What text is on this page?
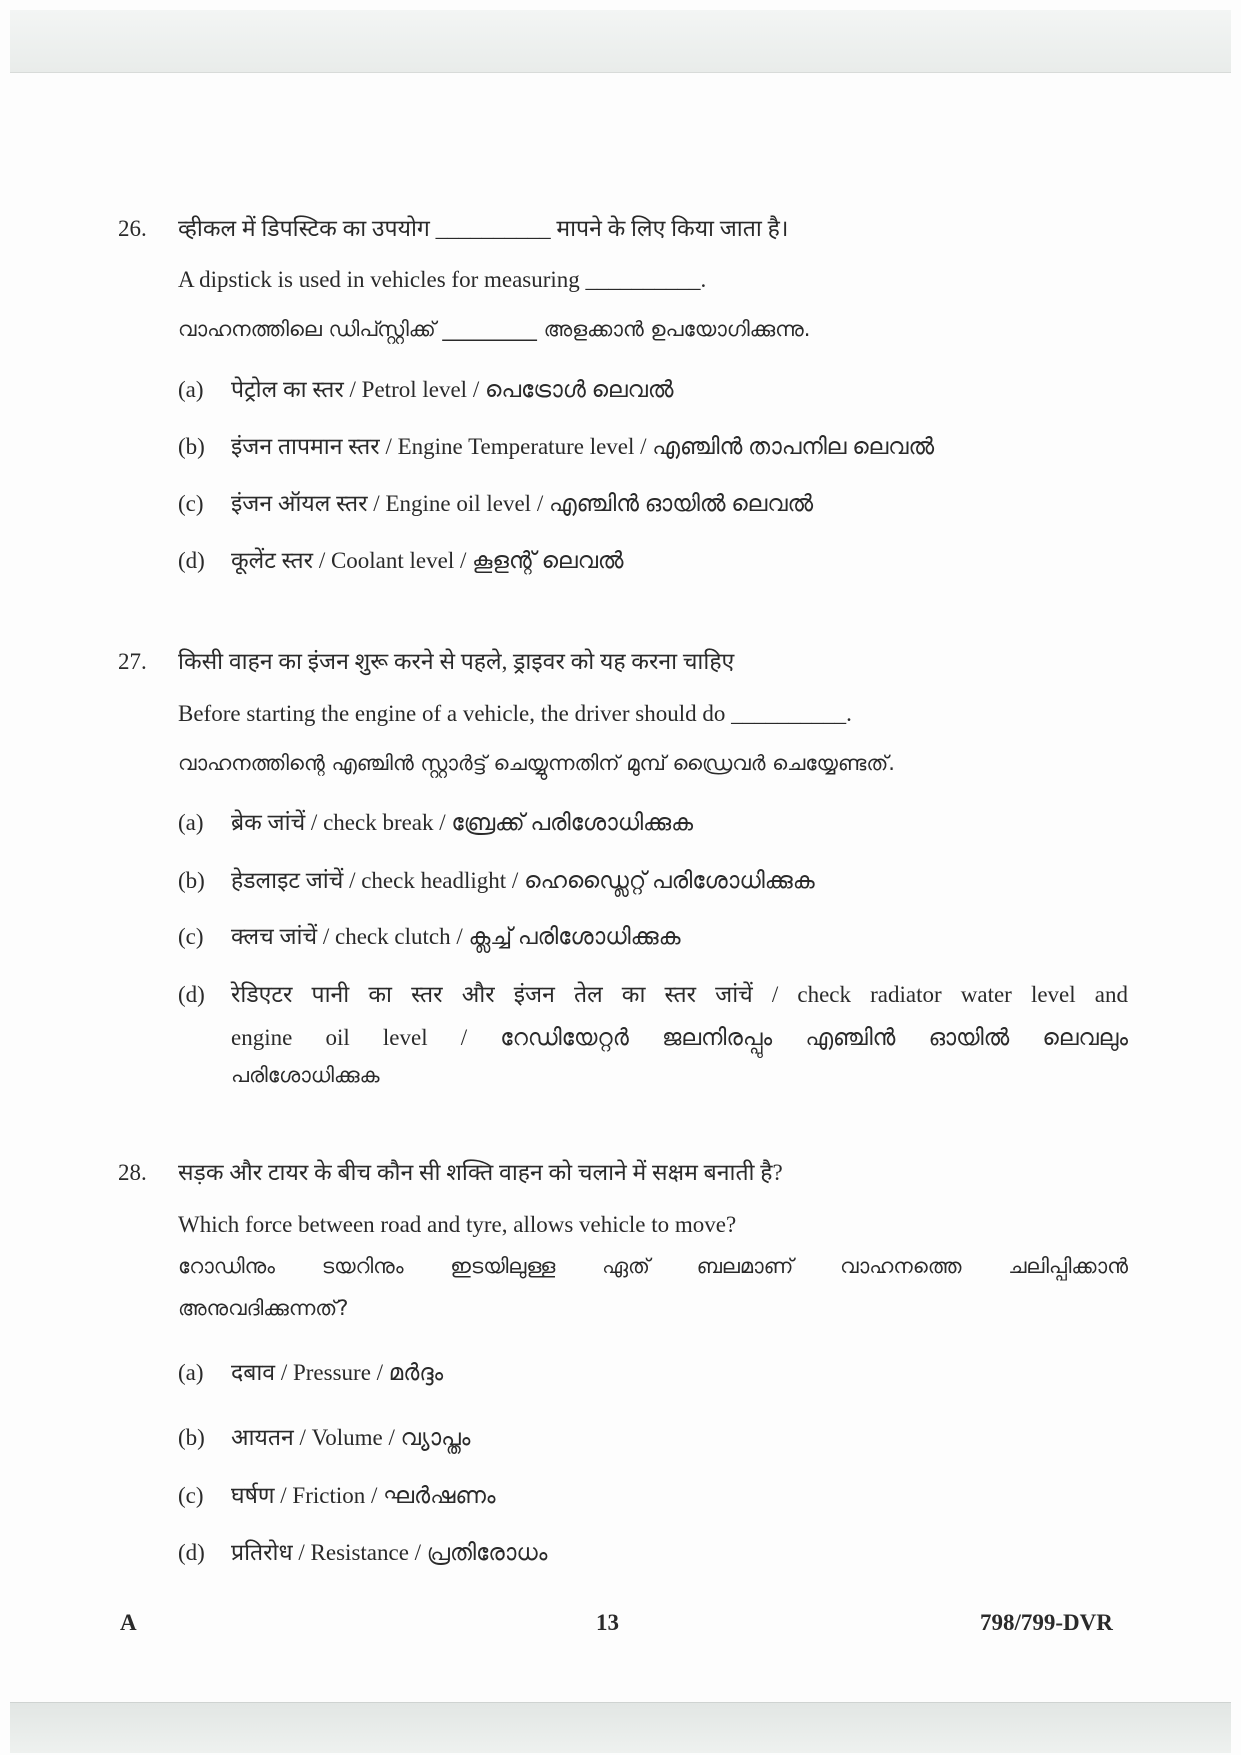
26. व्हीकल में डिपस्टिक का उपयोग __________ मापने के लिए किया जाता है।
A dipstick is used in vehicles for measuring __________.
വാഹനത്തിലെ ഡിപ്സ്റ്റിക്ക് _________ അളക്കാൻ ഉപയോഗിക്കുന്നു.
(a) पेट्रोल का स्तर / Petrol level / പെട്രോൾ ലെവൽ
(b) इंजन तापमान स्तर / Engine Temperature level / എഞ്ചിൻ താപനില ലെവൽ
(c) इंजन ऑयल स्तर / Engine oil level / എഞ്ചിൻ ഓയിൽ ലെവൽ
(d) कूलेंट स्तर / Coolant level / കൂളന്റ് ലെവൽ
27. किसी वाहन का इंजन शुरू करने से पहले, ड्राइवर को यह करना चाहिए
Before starting the engine of a vehicle, the driver should do __________.
വാഹനത്തിന്റെ എഞ്ചിൻ സ്റ്റാർട്ട് ചെയ്യുന്നതിന് മുമ്പ് ഡ്രൈവർ ചെയ്യേണ്ടത്.
(a) ब्रेक जांचें / check break / ബ്രേക്ക് പരിശോധിക്കുക
(b) हेडलाइट जांचें / check headlight / ഹെഡ്ലൈറ്റ് പരിശോധിക്കുക
(c) क्लच जांचें / check clutch / ക്ലച്ച് പരിശോധിക്കുക
(d) रेडिएटर पानी का स्तर और इंजन तेल का स्तर जांचें / check radiator water level and
engine oil level / റേഡിയേറ്റർ ജലനിരപ്പും എഞ്ചിൻ ഓയിൽ ലെവലും
പരിശോധിക്കുക
28. सड़क और टायर के बीच कौन सी शक्ति वाहन को चलाने में सक्षम बनाती है?
Which force between road and tyre, allows vehicle to move?
റോഡിനും ടയറിനും ഇടയിലുള്ള ഏത് ബലമാണ് വാഹനത്തെ ചലിപ്പിക്കാൻ
അനുവദിക്കുന്നത്?
(a) दबाव / Pressure / മർദ്ദം
(b) आयतन / Volume / വ്യാപ്തം
(c) घर्षण / Friction / ഘർഷണം
(d) प्रतिरोध / Resistance / പ്രതിരോധം
A	13	798/799-DVR
